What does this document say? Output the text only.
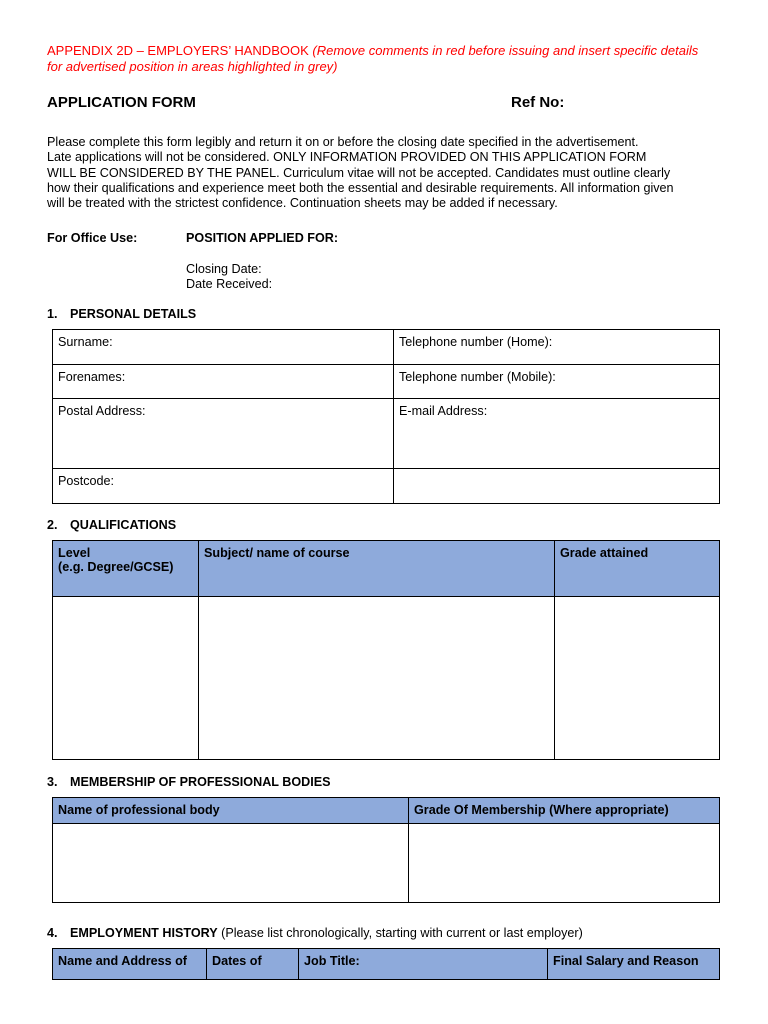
APPENDIX 2D – EMPLOYERS’ HANDBOOK (Remove comments in red before issuing and insert specific details
for advertised position in areas highlighted in grey)
APPLICATION FORM	Ref No:
Please complete this form legibly and return it on or before the closing date specified in the advertisement.
Late applications will not be considered. ONLY INFORMATION PROVIDED ON THIS APPLICATION FORM
WILL BE CONSIDERED BY THE PANEL. Curriculum vitae will not be accepted. Candidates must outline clearly
how their qualifications and experience meet both the essential and desirable requirements. All information given
will be treated with the strictest confidence. Continuation sheets may be added if necessary.
For Office Use:	POSITION APPLIED FOR:
Closing Date:
Date Received:
1. PERSONAL DETAILS
Surname:	Telephone number (Home):
Forenames:	Telephone number (Mobile):
Postal Address:	E-mail Address:
Postcode:	
2. QUALIFICATIONS
Level
(e.g. Degree/GCSE)	Subject/ name of course	Grade attained

3. MEMBERSHIP OF PROFESSIONAL BODIES
Name of professional body	Grade Of Membership (Where appropriate)

4. EMPLOYMENT HISTORY (Please list chronologically, starting with current or last employer)
Name and Address of	Dates of	Job Title:	Final Salary and Reason
